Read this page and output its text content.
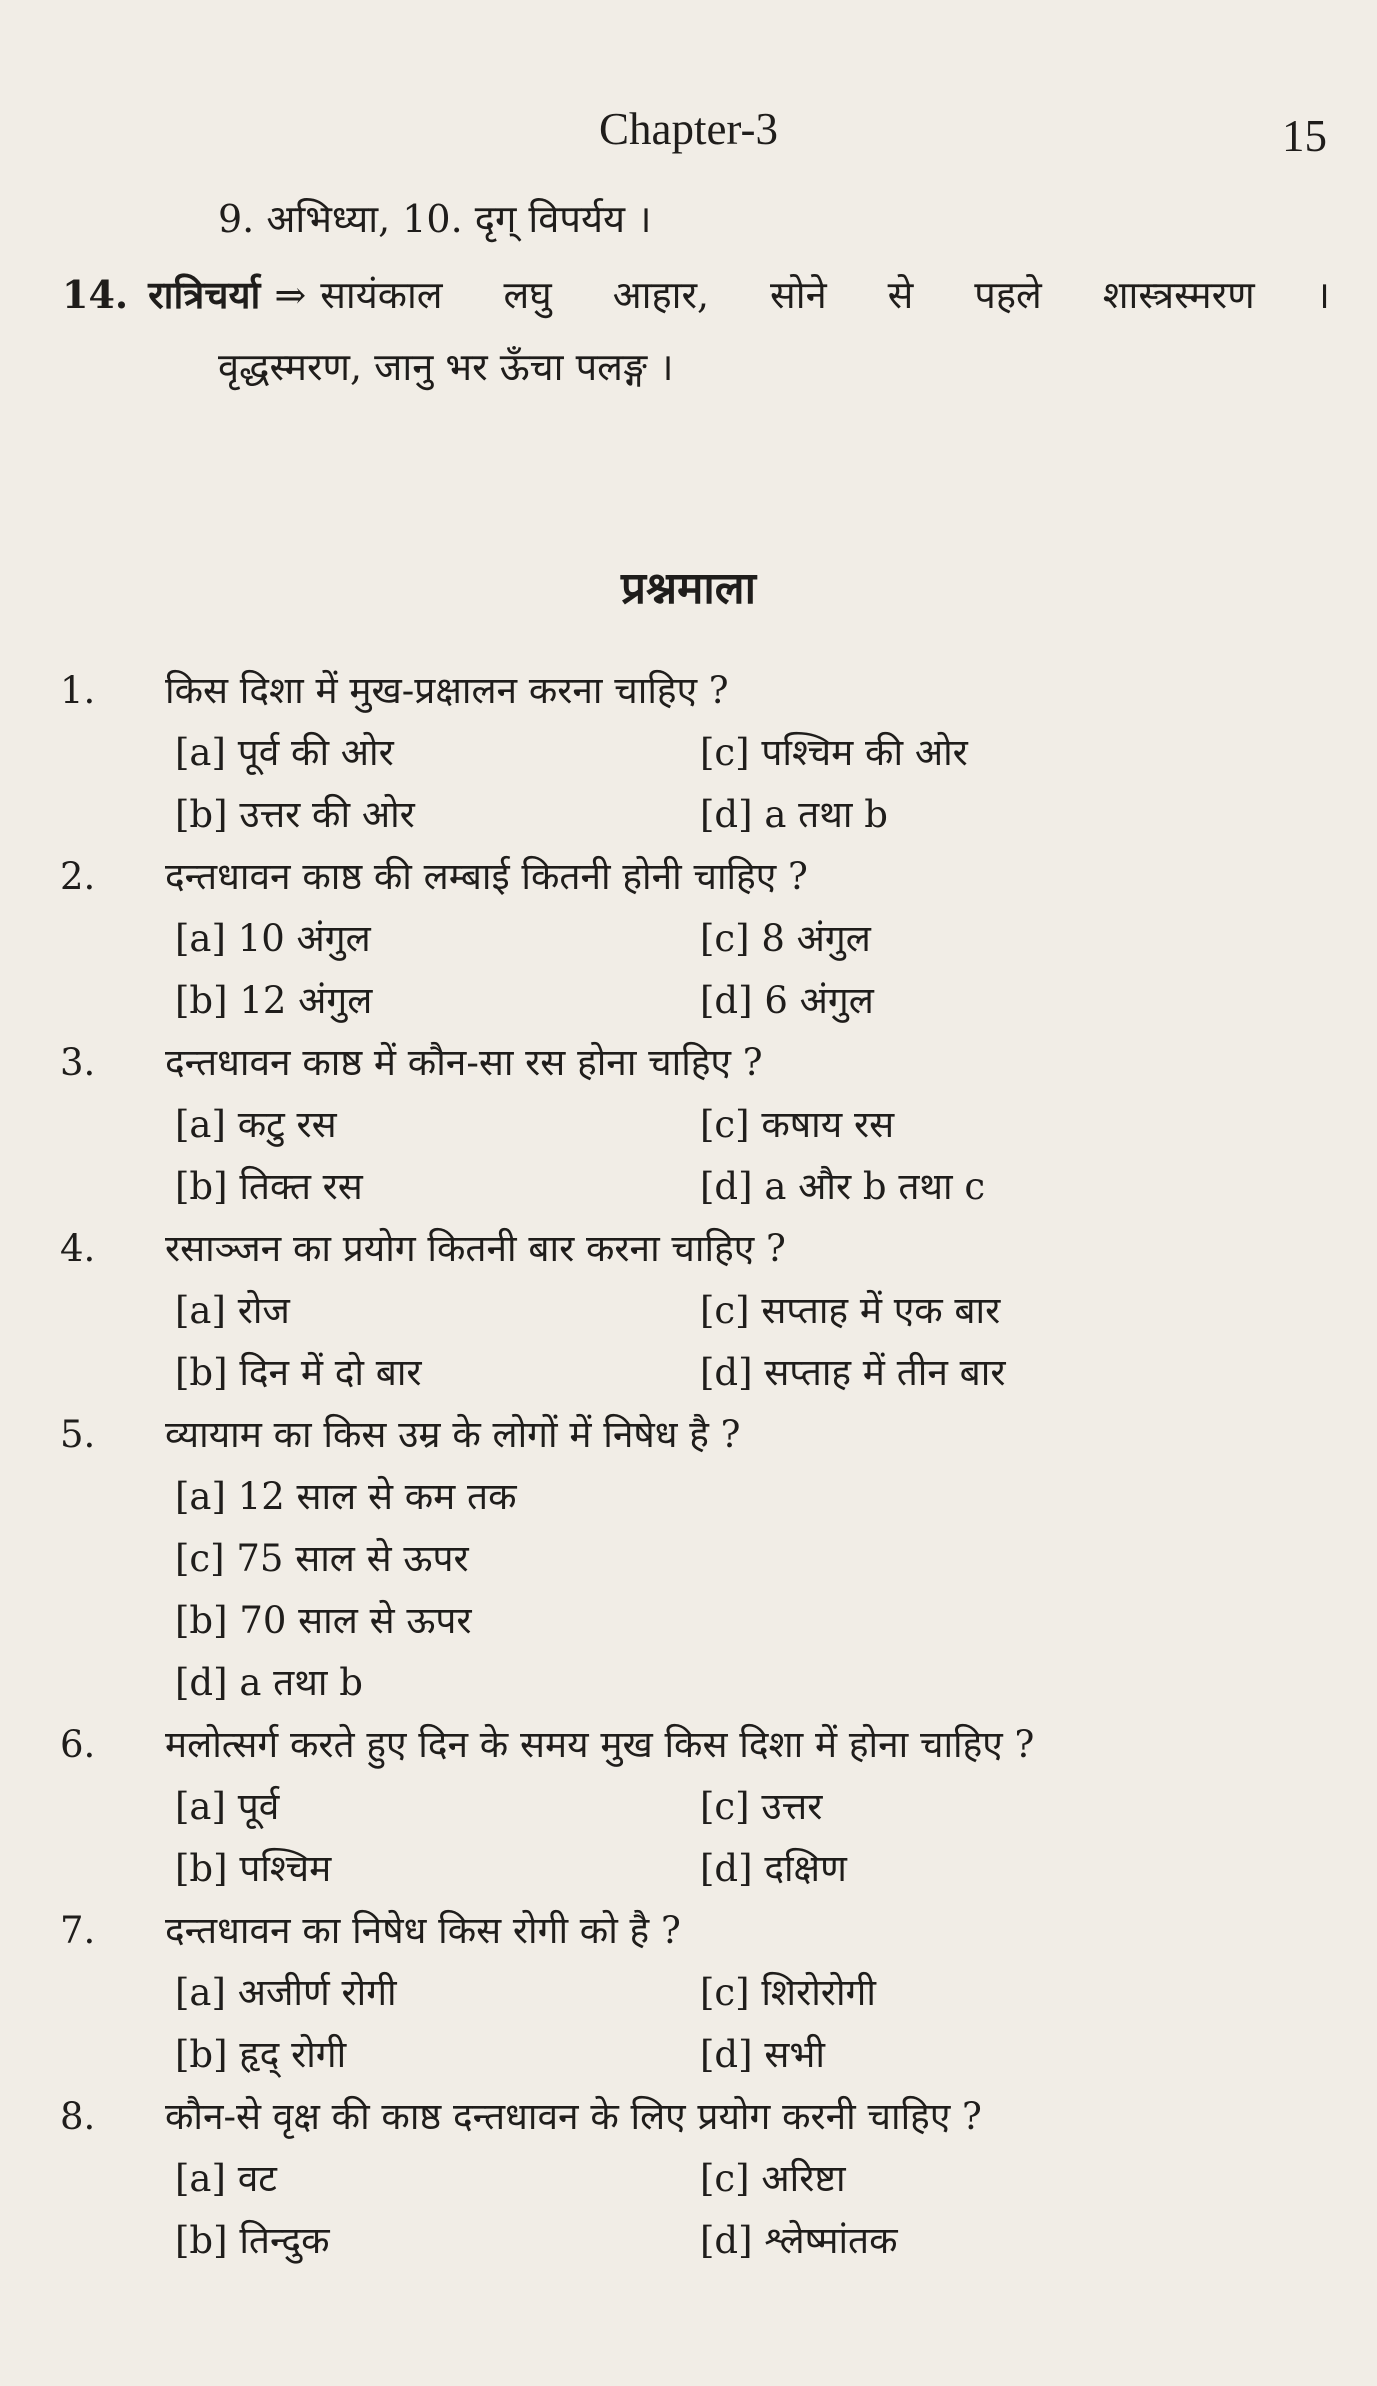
Chapter-3	15
9. अभिध्या, 10. दृग् विपर्यय ।
14. रात्रिचर्या ⇒ सायंकाल लघु आहार, सोने से पहले शास्त्रस्मरण ।
वृद्धस्मरण, जानु भर ऊँचा पलङ्ग ।
प्रश्नमाला
1.	किस दिशा में मुख-प्रक्षालन करना चाहिए ?
[a] पूर्व की ओर	[c] पश्चिम की ओर
[b] उत्तर की ओर	[d] a तथा b
2.	दन्तधावन काष्ठ की लम्बाई कितनी होनी चाहिए ?
[a] 10 अंगुल	[c] 8 अंगुल
[b] 12 अंगुल	[d] 6 अंगुल
3.	दन्तधावन काष्ठ में कौन-सा रस होना चाहिए ?
[a] कटु रस	[c] कषाय रस
[b] तिक्त रस	[d] a और b तथा c
4.	रसाञ्जन का प्रयोग कितनी बार करना चाहिए ?
[a] रोज	[c] सप्ताह में एक बार
[b] दिन में दो बार	[d] सप्ताह में तीन बार
5.	व्यायाम का किस उम्र के लोगों में निषेध है ?
[a] 12 साल से कम तक
[c] 75 साल से ऊपर
[b] 70 साल से ऊपर
[d] a तथा b
6.	मलोत्सर्ग करते हुए दिन के समय मुख किस दिशा में होना चाहिए ?
[a] पूर्व	[c] उत्तर
[b] पश्चिम	[d] दक्षिण
7.	दन्तधावन का निषेध किस रोगी को है ?
[a] अजीर्ण रोगी	[c] शिरोरोगी
[b] हृद् रोगी	[d] सभी
8.	कौन-से वृक्ष की काष्ठ दन्तधावन के लिए प्रयोग करनी चाहिए ?
[a] वट	[c] अरिष्टा
[b] तिन्दुक	[d] श्लेष्मांतक
